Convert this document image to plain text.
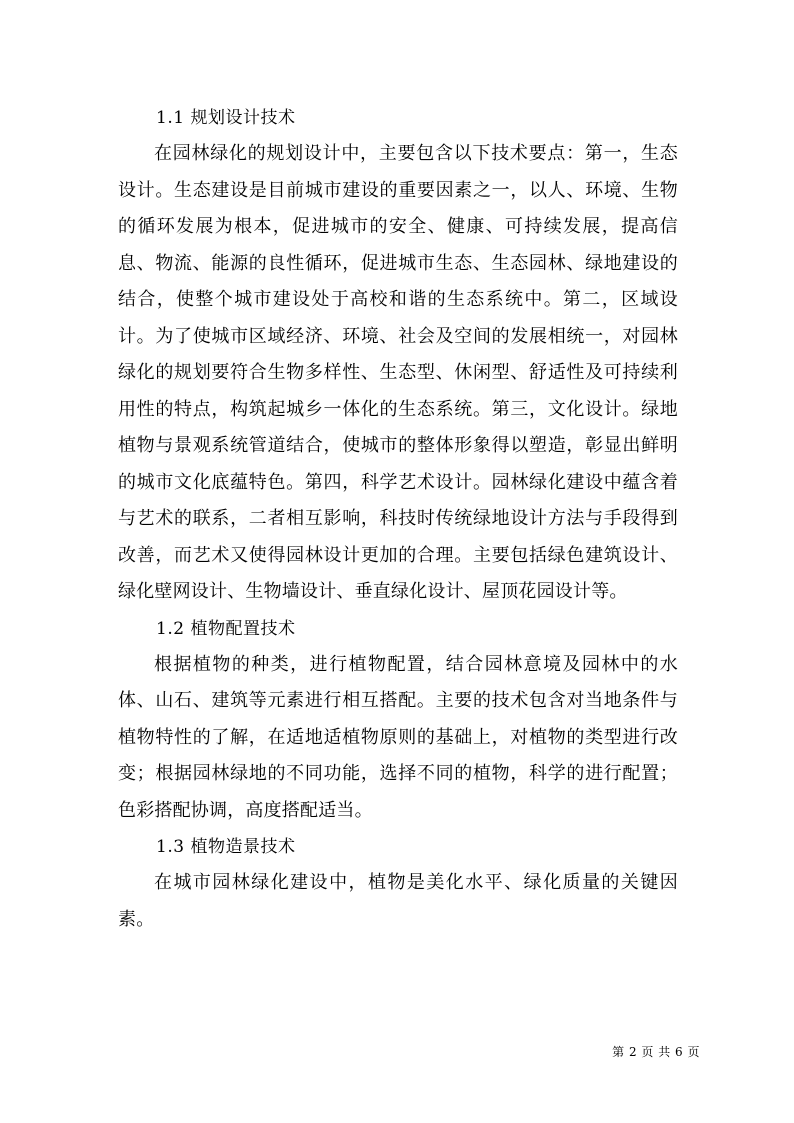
1.1 规划设计技术

在园林绿化的规划设计中，主要包含以下技术要点：第一，生态设计。生态建设是目前城市建设的重要因素之一，以人、环境、生物的循环发展为根本，促进城市的安全、健康、可持续发展，提高信息、物流、能源的良性循环，促进城市生态、生态园林、绿地建设的结合，使整个城市建设处于高校和谐的生态系统中。第二，区域设计。为了使城市区域经济、环境、社会及空间的发展相统一，对园林绿化的规划要符合生物多样性、生态型、休闲型、舒适性及可持续利用性的特点，构筑起城乡一体化的生态系统。第三，文化设计。绿地植物与景观系统管道结合，使城市的整体形象得以塑造，彰显出鲜明的城市文化底蕴特色。第四，科学艺术设计。园林绿化建设中蕴含着与艺术的联系，二者相互影响，科技时传统绿地设计方法与手段得到改善，而艺术又使得园林设计更加的合理。主要包括绿色建筑设计、绿化壁网设计、生物墙设计、垂直绿化设计、屋顶花园设计等。

1.2 植物配置技术

根据植物的种类，进行植物配置，结合园林意境及园林中的水体、山石、建筑等元素进行相互搭配。主要的技术包含对当地条件与植物特性的了解，在适地适植物原则的基础上，对植物的类型进行改变；根据园林绿地的不同功能，选择不同的植物，科学的进行配置；色彩搭配协调，高度搭配适当。

1.3 植物造景技术

在城市园林绿化建设中，植物是美化水平、绿化质量的关键因素。

第 2 页 共 6 页
